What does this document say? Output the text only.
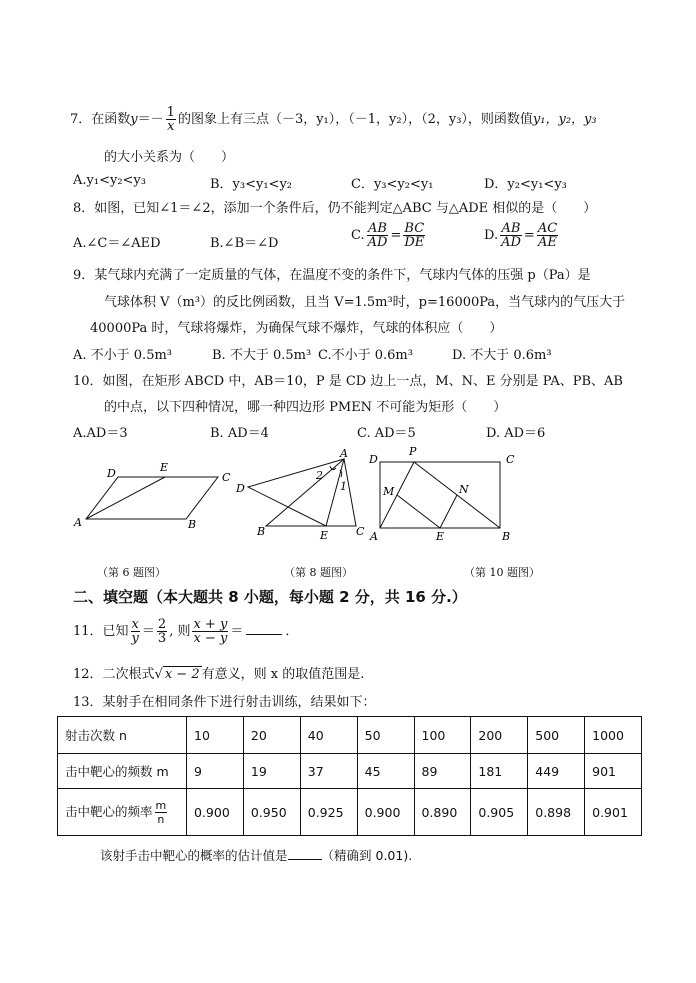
7．在函数$y=- \frac{1}{x}$ 的图象上有三点（－3，y₁），（－1，y₂），（2，y₃），则函数值y₁，y₂，y₃
的大小关系为（　　）
A.y₁<y₂<y₃	B．y₃<y₁<y₂	C．y₃<y₂<y₁	D．y₂<y₁<y₃
8．如图，已知∠1＝∠2，添加一个条件后，仍不能判定△ABC 与△ADE 相似的是（　　）
A.∠C＝∠AED	B.∠B＝∠D
C. $\frac{AB}{AD} = \frac{BC}{DE}$	D. $\frac{AB}{AD} = \frac{AC}{AE}$
9．某气球内充满了一定质量的气体，在温度不变的条件下，气球内气体的压强 p（Pa）是
气球体积 V（m³）的反比例函数，且当 V=1.5m³时，p=16000Pa，当气球内的气压大于
40000Pa 时，气球将爆炸，为确保气球不爆炸，气球的体积应（　　）
A. 不小于 0.5m³	B. 不大于 0.5m³ C.不小于 0.6m³	D. 不大于 0.6m³
10．如图，在矩形 ABCD 中，AB＝10，P 是 CD 边上一点，M、N、E 分别是 PA、PB、AB
的中点，以下四种情况，哪一种四边形 PMEN 不可能为矩形（　　）
A.AD＝3	B. AD＝4	C. AD＝5	D. AD＝6
D	E
C
A	B
A
2
1
D
B	E	C
D
P
C
M	N
A	E	B
（第 6 题图）	（第 8 题图）	（第 10 题图）
二、填空题（本大题共 8 小题，每小题 2 分，共 16 分.）
11．已知 $\frac{x}{y} = \frac{2}{3}$ , 则 $\frac{x + y}{x - y}$ ＝	．
12．二次根式√ x − 2 有意义，则 x 的取值范围是.
13．某射手在相同条件下进行射击训练，结果如下：
射击次数 n	10	20	40	50	100	200	500	1000
击中靶心的频数 m	9	19	37	45	89	181	449	901
击中靶心的频率 $\frac{m}{n}$	0.900	0.950	0.925	0.900	0.890	0.905	0.898	0.901
该射手击中靶心的概率的估计值是	（精确到 0.01).
